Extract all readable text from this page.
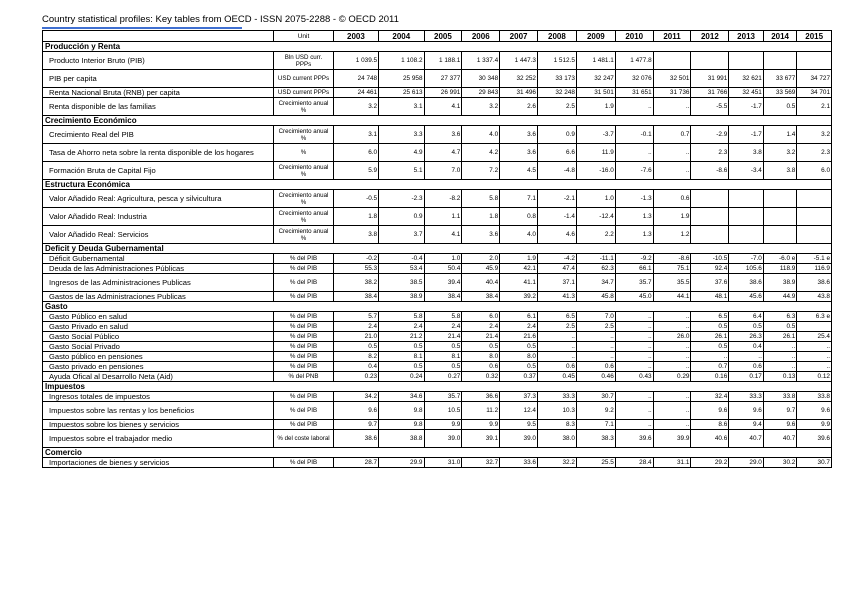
Country statistical profiles: Key tables from OECD - ISSN 2075-2288 - © OECD 2011
	Unit	2003	2004	2005	2006	2007	2008	2009	2010	2011	2012	2013	2014	2015
Producción y Renta														
Producto Interior Bruto (PIB)	Bln USD curr. PPPs	1 039.5	1 108.2	1 188.1	1 337.4	1 447.3	1 512.5	1 481.1	1 477.8					
PIB per capita	USD current PPPs	24 748	25 958	27 377	30 348	32 252	33 173	32 247	32 076	32 501	31 991	32 621	33 677	34 727
Renta Nacional Bruta (RNB) per capita	USD current PPPs	24 461	25 613	26 991	29 843	31 496	32 248	31 501	31 651	31 736	31 766	32 451	33 569	34 701
Renta disponible de las familias	Crecimiento anual %	3.2	3.1	4.1	3.2	2.6	2.5	1.9	..	..	-5.5	-1.7	0.5	2.1
Crecimiento Económico														
Crecimiento Real del PIB	Crecimiento anual %	3.1	3.3	3.6	4.0	3.6	0.9	-3.7	-0.1	0.7	-2.9	-1.7	1.4	3.2
Tasa de Ahorro neta sobre la renta disponible de los hogares	%	6.0	4.9	4.7	4.2	3.6	6.6	11.9	..	..	2.3	3.8	3.2	2.3
Formación Bruta de Capital Fijo	Crecimiento anual %	5.9	5.1	7.0	7.2	4.5	-4.8	-16.0	-7.6	..	-8.6	-3.4	3.8	6.0
Estructura Económica														
Valor Añadido Real: Agricultura, pesca y silvicultura	Crecimiento anual %	-0.5	-2.3	-8.2	5.8	7.1	-2.1	1.0	-1.3	0.6				
Valor Añadido Real: Industria	Crecimiento anual %	1.8	0.9	1.1	1.8	0.8	-1.4	-12.4	1.3	1.9				
Valor Añadido Real: Servicios	Crecimiento anual %	3.8	3.7	4.1	3.6	4.0	4.6	2.2	1.3	1.2				
Deficit y Deuda Gubernamental														
Déficit Gubernamental	% del PIB	-0.2	-0.4	1.0	2.0	1.9	-4.2	-11.1	-9.2	-8.6	-10.5	-7.0	-6.0 e	-5.1 e
Deuda de las Administraciones Públicas	% del PIB	55.3	53.4	50.4	45.9	42.1	47.4	62.3	66.1	75.1	92.4	105.6	118.9	116.9
Ingresos de las Administraciones Publicas	% del PIB	38.2	38.5	39.4	40.4	41.1	37.1	34.7	35.7	35.5	37.6	38.6	38.9	38.6
Gastos de las Administraciones Publicas	% del PIB	38.4	38.9	38.4	38.4	39.2	41.3	45.8	45.0	44.1	48.1	45.6	44.9	43.8
Gasto														
Gasto Público en salud	% del PIB	5.7	5.8	5.8	6.0	6.1	6.5	7.0	..	..	6.5	6.4	6.3	6.3 e
Gasto Privado en salud	% del PIB	2.4	2.4	2.4	2.4	2.4	2.5	2.5	..	..	0.5	0.5	0.5	
Gasto Social Público	% del PIB	21.0	21.2	21.4	21.4	21.6	..	..	..	26.0	26.1	26.3	26.1	25.4
Gasto Social Privado	% del PIB	0.5	0.5	0.5	0.5	0.5	..	..	..	..	0.5	0.4	..	..
Gasto público en pensiones	% del PIB	8.2	8.1	8.1	8.0	8.0	..	..	..	..	..	..	..	..
Gasto privado en pensiones	% del PIB	0.4	0.5	0.5	0.6	0.5	0.6	0.6	..	..	0.7	0.6	..	..
Ayuda Ofical al Desarrollo Neta (Aid)	% del PNB	0.23	0.24	0.27	0.32	0.37	0.45	0.46	0.43	0.29	0.16	0.17	0.13	0.12
Impuestos														
Ingresos totales de impuestos	% del PIB	34.2	34.6	35.7	36.6	37.3	33.3	30.7	..	..	32.4	33.3	33.8	33.8
Impuestos sobre las rentas y los beneficios	% del PIB	9.6	9.8	10.5	11.2	12.4	10.3	9.2	..	..	9.6	9.6	9.7	9.6
Impuestos sobre los bienes y servicios	% del PIB	9.7	9.8	9.9	9.9	9.5	8.3	7.1	..	..	8.6	9.4	9.6	9.9
Impuestos sobre el trabajador medio	% del coste laboral	38.6	38.8	39.0	39.1	39.0	38.0	38.3	39.6	39.9	40.6	40.7	40.7	39.6
Comercio														
Importaciones de bienes y servicios	% del PIB	28.7	29.9	31.0	32.7	33.6	32.2	25.5	28.4	31.1	29.2	29.0	30.2	30.7
